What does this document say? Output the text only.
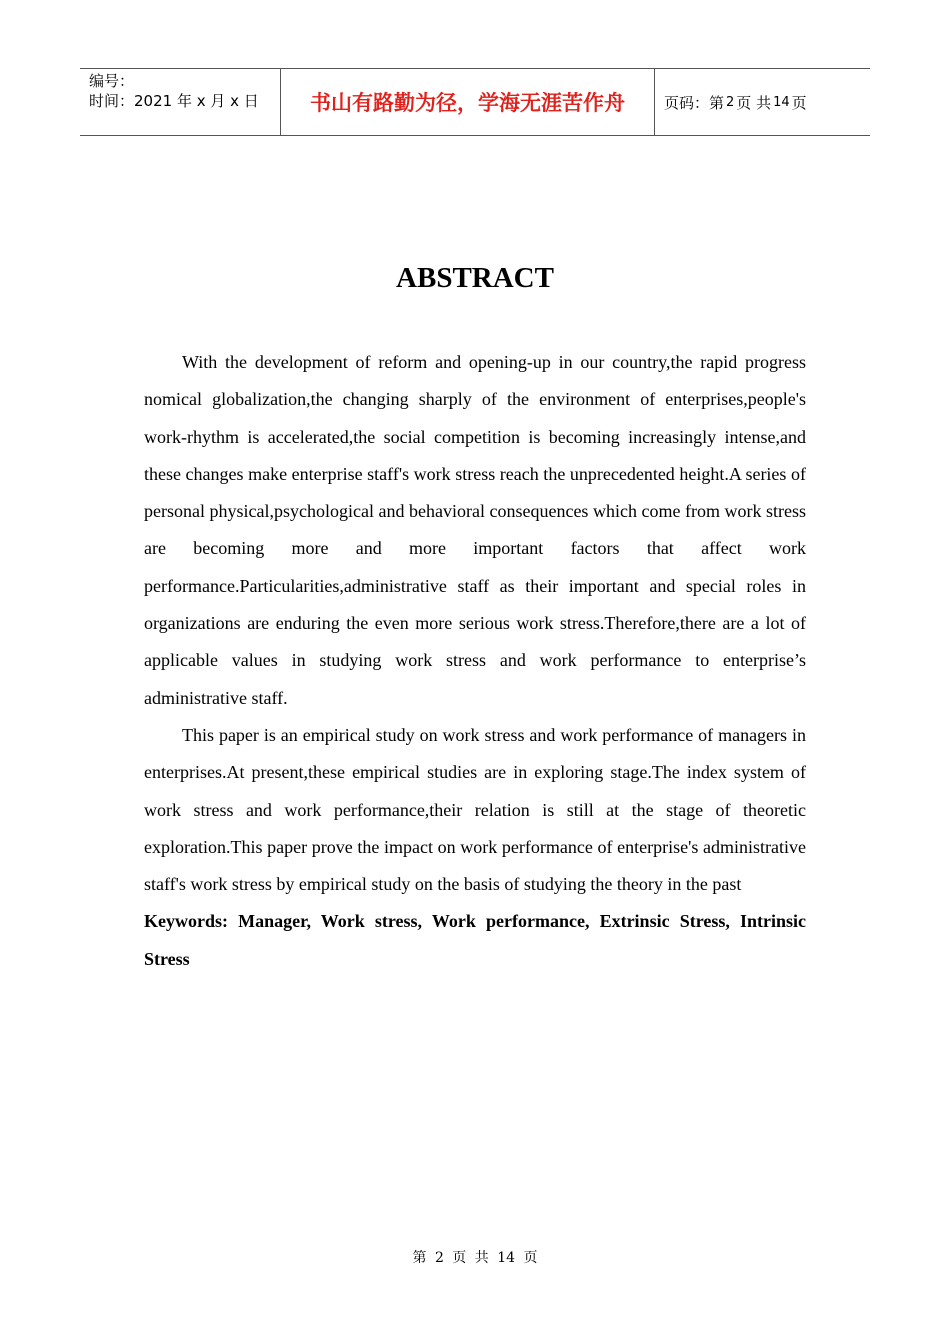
编号：
时间：2021 年 x 月 x 日	书山有路勤为径，学海无涯苦作舟	页码：第 2 页 共 14 页
ABSTRACT

With the development of reform and opening-up in our country,the rapid progress nomical globalization,the changing sharply of the environment of enterprises,people's work-rhythm is accelerated,the social competition is becoming increasingly intense,and these changes make enterprise staff's work stress reach the unprecedented height.A series of personal physical,psychological and behavioral consequences which come from work stress are becoming more and more important factors that affect work performance.Particularities,administrative staff as their important and special roles in organizations are enduring the even more serious work stress.Therefore,there are a lot of applicable values in studying work stress and work performance to enterprise’s administrative staff.

This paper is an empirical study on work stress and work performance of managers in enterprises.At present,these empirical studies are in exploring stage.The index system of work stress and work performance,their relation is still at the stage of theoretic exploration.This paper prove the impact on work performance of enterprise's administrative staff's work stress by empirical study on the basis of studying the theory in the past

Keywords: Manager, Work stress, Work performance, Extrinsic Stress, Intrinsic Stress
第 2 页 共 14 页
